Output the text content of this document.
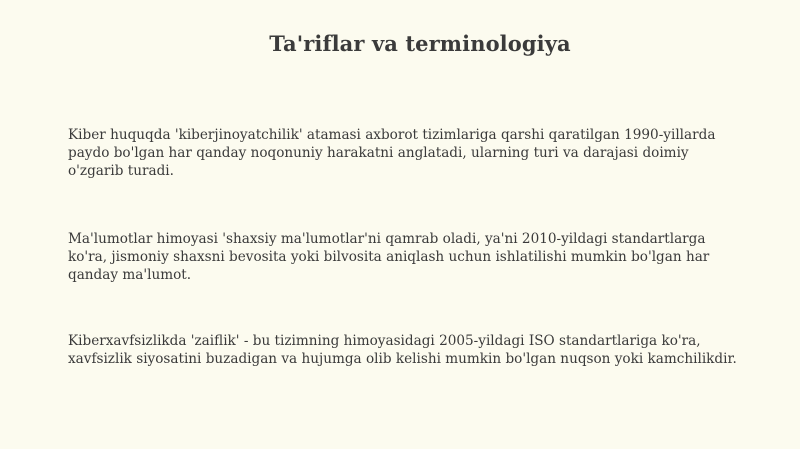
Ta'riflar va terminologiya

Kiber huquqda 'kiberjinoyatchilik' atamasi axborot tizimlariga qarshi qaratilgan 1990-yillarda paydo bo'lgan har qanday noqonuniy harakatni anglatadi, ularning turi va darajasi doimiy o'zgarib turadi.

Ma'lumotlar himoyasi 'shaxsiy ma'lumotlar'ni qamrab oladi, ya'ni 2010-yildagi standartlarga ko'ra, jismoniy shaxsni bevosita yoki bilvosita aniqlash uchun ishlatilishi mumkin bo'lgan har qanday ma'lumot.

Kiberxavfsizlikda 'zaiflik' - bu tizimning himoyasidagi 2005-yildagi ISO standartlariga ko'ra, xavfsizlik siyosatini buzadigan va hujumga olib kelishi mumkin bo'lgan nuqson yoki kamchilikdir.
